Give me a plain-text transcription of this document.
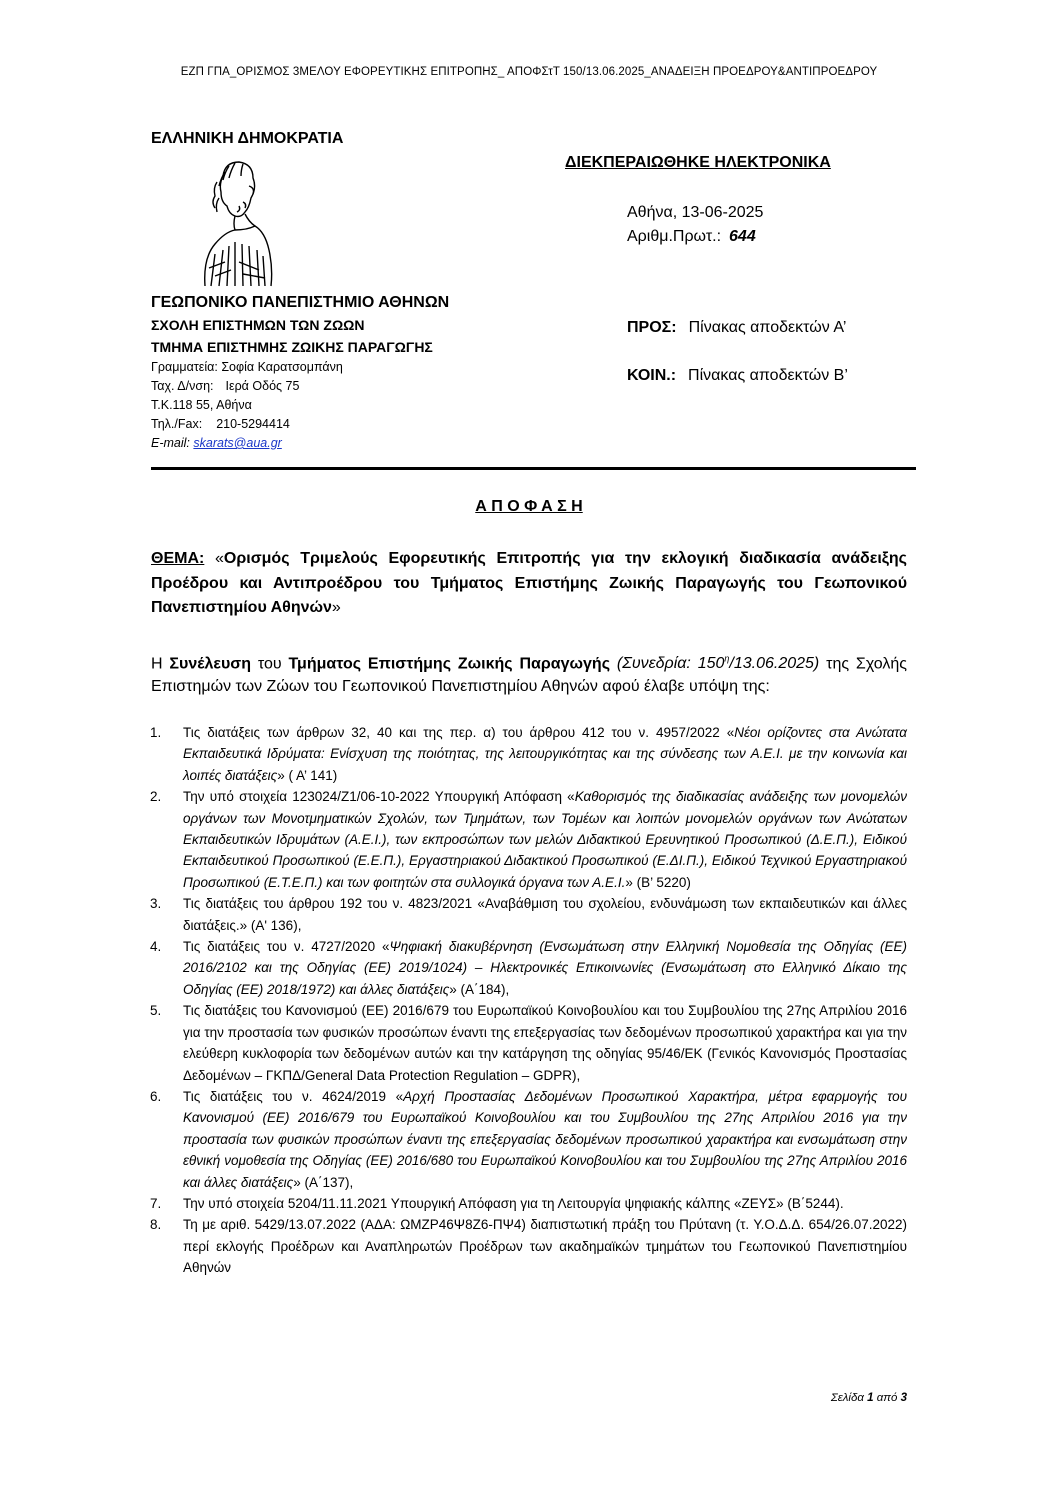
ΕΖΠ ΓΠΑ_ΟΡΙΣΜΟΣ 3ΜΕΛΟΥ ΕΦΟΡΕΥΤΙΚΗΣ ΕΠΙΤΡΟΠΗΣ_ ΑΠΟΦΣτΤ 150/13.06.2025_ΑΝΑΔΕΙΞΗ ΠΡΟΕΔΡΟΥ&ΑΝΤΙΠΡΟΕΔΡΟΥ
ΕΛΛΗΝΙΚΗ ΔΗΜΟΚΡΑΤΙΑ
ΓΕΩΠΟΝΙΚΟ ΠΑΝΕΠΙΣΤΗΜΙΟ ΑΘΗΝΩΝ
ΣΧΟΛΗ ΕΠΙΣΤΗΜΩΝ ΤΩΝ ΖΩΩΝ
ΤΜΗΜΑ ΕΠΙΣΤΗΜΗΣ ΖΩΙΚΗΣ ΠΑΡΑΓΩΓΗΣ
Γραμματεία: Σοφία Καρατσομπάνη
Ταχ. Δ/νση: Ιερά Οδός 75
Τ.Κ.118 55, Αθήνα
Τηλ./Fax: 210-5294414
E-mail: skarats@aua.gr
ΔΙΕΚΠΕΡΑΙΩΘΗΚΕ ΗΛΕΚΤΡΟΝΙΚΑ
Αθήνα, 13-06-2025
Αριθμ.Πρωτ.: 644
ΠΡΟΣ: Πίνακας αποδεκτών Α’
ΚΟΙΝ.: Πίνακας αποδεκτών Β’
Α Π Ο Φ Α Σ Η
ΘΕΜΑ: «Ορισμός Τριμελούς Εφορευτικής Επιτροπής για την εκλογική διαδικασία ανάδειξης
Προέδρου και Αντιπροέδρου του Τμήματος Επιστήμης Ζωικής Παραγωγής του Γεωπονικού
Πανεπιστημίου Αθηνών»
Η Συνέλευση του Τμήματος Επιστήμης Ζωικής Παραγωγής (Συνεδρία: $150^\eta/13.06.2025$) της Σχολής Επιστημών των Ζώων του Γεωπονικού Πανεπιστημίου Αθηνών αφού έλαβε υπόψη της:
1. Τις διατάξεις των άρθρων 32, 40 και της περ. α) του άρθρου 412 του ν. 4957/2022 «Νέοι ορίζοντες στα Ανώτατα Εκπαιδευτικά Ιδρύματα: Ενίσχυση της ποιότητας, της λειτουργικότητας και της σύνδεσης των Α.Ε.Ι. με την κοινωνία και λοιπές διατάξεις» ( Α’ 141)
2. Την υπό στοιχεία 123024/Ζ1/06-10-2022 Υπουργική Απόφαση «Καθορισμός της διαδικασίας ανάδειξης των μονομελών οργάνων των Μονοτμηματικών Σχολών, των Τμημάτων, των Τομέων και λοιπών μονομελών οργάνων των Ανώτατων Εκπαιδευτικών Ιδρυμάτων (Α.Ε.Ι.), των εκπροσώπων των μελών Διδακτικού Ερευνητικού Προσωπικού (Δ.Ε.Π.), Ειδικού Εκπαιδευτικού Προσωπικού (Ε.Ε.Π.), Εργαστηριακού Διδακτικού Προσωπικού (Ε.ΔΙ.Π.), Ειδικού Τεχνικού Εργαστηριακού Προσωπικού (Ε.Τ.Ε.Π.) και των φοιτητών στα συλλογικά όργανα των Α.Ε.Ι.» (Β’ 5220)
3. Τις διατάξεις του άρθρου 192 του ν. 4823/2021 «Αναβάθμιση του σχολείου, ενδυνάμωση των εκπαιδευτικών και άλλες διατάξεις.» (Α' 136),
4. Τις διατάξεις του ν. 4727/2020 «Ψηφιακή διακυβέρνηση (Ενσωμάτωση στην Ελληνική Νομοθεσία της Οδηγίας (ΕΕ) 2016/2102 και της Οδηγίας (ΕΕ) 2019/1024) – Ηλεκτρονικές Επικοινωνίες (Ενσωμάτωση στο Ελληνικό Δίκαιο της Οδηγίας (ΕΕ) 2018/1972) και άλλες διατάξεις» (Α΄184),
5. Τις διατάξεις του Κανονισμού (ΕΕ) 2016/679 του Ευρωπαϊκού Κοινοβουλίου και του Συμβουλίου της 27ης Απριλίου 2016 για την προστασία των φυσικών προσώπων έναντι της επεξεργασίας των δεδομένων προσωπικού χαρακτήρα και για την ελεύθερη κυκλοφορία των δεδομένων αυτών και την κατάργηση της οδηγίας 95/46/ΕΚ (Γενικός Κανονισμός Προστασίας Δεδομένων – ΓΚΠΔ/General Data Protection Regulation – GDPR),
6. Τις διατάξεις του ν. 4624/2019 «Αρχή Προστασίας Δεδομένων Προσωπικού Χαρακτήρα, μέτρα εφαρμογής του Κανονισμού (ΕΕ) 2016/679 του Ευρωπαϊκού Κοινοβουλίου και του Συμβουλίου της 27ης Απριλίου 2016 για την προστασία των φυσικών προσώπων έναντι της επεξεργασίας δεδομένων προσωπικού χαρακτήρα και ενσωμάτωση στην εθνική νομοθεσία της Οδηγίας (ΕΕ) 2016/680 του Ευρωπαϊκού Κοινοβουλίου και του Συμβουλίου της 27ης Απριλίου 2016 και άλλες διατάξεις» (Α΄137),
7. Την υπό στοιχεία 5204/11.11.2021 Υπουργική Απόφαση για τη Λειτουργία ψηφιακής κάλπης «ΖΕΥΣ» (Β΄5244).
8. Τη με αριθ. 5429/13.07.2022 (ΑΔΑ: ΩΜΖΡ46Ψ8Ζ6-ΠΨ4) διαπιστωτική πράξη του Πρύτανη (τ. Υ.Ο.Δ.Δ. 654/26.07.2022) περί εκλογής Προέδρων και Αναπληρωτών Προέδρων των ακαδημαϊκών τμημάτων του Γεωπονικού Πανεπιστημίου Αθηνών
Σελίδα 1 από 3
